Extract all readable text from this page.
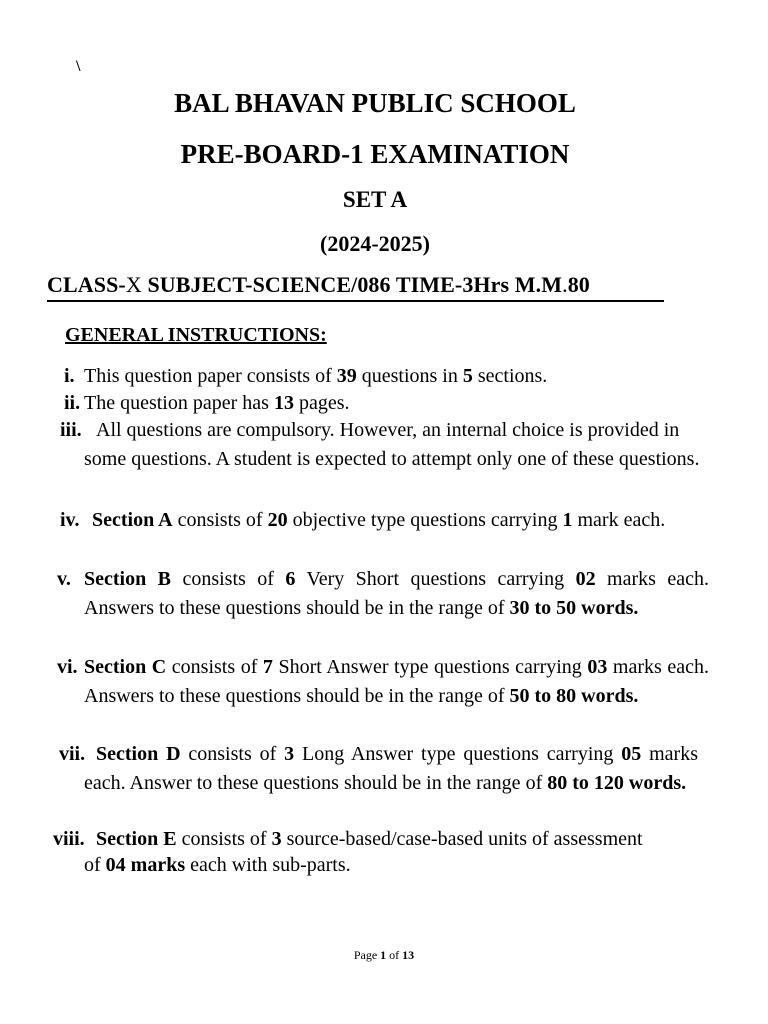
\
BAL BHAVAN PUBLIC SCHOOL
PRE-BOARD-1 EXAMINATION
SET A
(2024-2025)
CLASS-X SUBJECT-SCIENCE/086 TIME-3Hrs M.M.80
GENERAL INSTRUCTIONS:
i. This question paper consists of 39 questions in 5 sections.
ii. The question paper has 13 pages.
iii. All questions are compulsory. However, an internal choice is provided in some questions. A student is expected to attempt only one of these questions.
iv. Section A consists of 20 objective type questions carrying 1 mark each.
v. Section B consists of 6 Very Short questions carrying 02 marks each. Answers to these questions should be in the range of 30 to 50 words.
vi. Section C consists of 7 Short Answer type questions carrying 03 marks each. Answers to these questions should be in the range of 50 to 80 words.
vii. Section D consists of 3 Long Answer type questions carrying 05 marks each. Answer to these questions should be in the range of 80 to 120 words.
viii. Section E consists of 3 source-based/case-based units of assessment of 04 marks each with sub-parts.
Page 1 of 13
